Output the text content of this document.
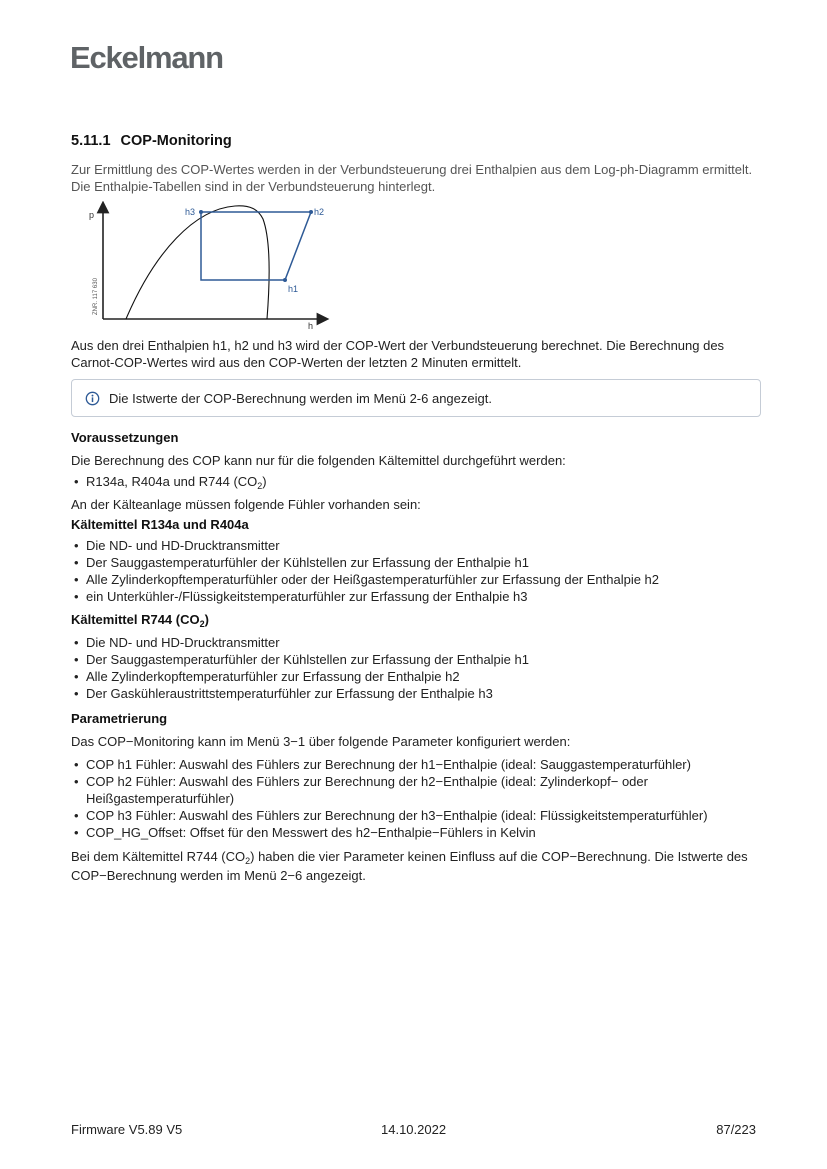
Eckelmann
5.11.1 COP-Monitoring

Zur Ermittlung des COP-Wertes werden in der Verbundsteuerung drei Enthalpien aus dem Log-ph-Diagramm ermittelt. Die Enthalpie-Tabellen sind in der Verbundsteuerung hinterlegt.

p
h
ZNR. 117 630
h3	h2
h1

Aus den drei Enthalpien h1, h2 und h3 wird der COP-Wert der Verbundsteuerung berechnet. Die Berechnung des Carnot-COP-Wertes wird aus den COP-Werten der letzten 2 Minuten ermittelt.

Die Istwerte der COP-Berechnung werden im Menü 2-6 angezeigt.
Voraussetzungen

Die Berechnung des COP kann nur für die folgenden Kältemittel durchgeführt werden:

• R134a, R404a und R744 $(CO_2)$

An der Kälteanlage müssen folgende Fühler vorhanden sein:

Kältemittel R134a und R404a
• Die ND- und HD-Drucktransmitter
• Der Sauggastemperaturfühler der Kühlstellen zur Erfassung der Enthalpie h1
• Alle Zylinderkopftemperaturfühler oder der Heißgastemperaturfühler zur Erfassung der Enthalpie h2
• ein Unterkühler-/Flüssigkeitstemperaturfühler zur Erfassung der Enthalpie h3
Kältemittel R744 $(CO_2)$
• Die ND- und HD-Drucktransmitter
• Der Sauggastemperaturfühler der Kühlstellen zur Erfassung der Enthalpie h1
• Alle Zylinderkopftemperaturfühler zur Erfassung der Enthalpie h2
• Der Gaskühleraustrittstemperaturfühler zur Erfassung der Enthalpie h3
Parametrierung

Das COP−Monitoring kann im Menü 3−1 über folgende Parameter konfiguriert werden:

• COP h1 Fühler: Auswahl des Fühlers zur Berechnung der h1−Enthalpie (ideal: Sauggastemperaturfühler)
• COP h2 Fühler: Auswahl des Fühlers zur Berechnung der h2−Enthalpie (ideal: Zylinderkopf− oder Heißgastemperaturfühler)
• COP h3 Fühler: Auswahl des Fühlers zur Berechnung der h3−Enthalpie (ideal: Flüssigkeitstemperaturfühler)
• COP_HG_Offset: Offset für den Messwert des h2−Enthalpie−Fühlers in Kelvin

Bei dem Kältemittel R744 $(CO_2)$ haben die vier Parameter keinen Einfluss auf die COP−Berechnung. Die Istwerte des COP−Berechnung werden im Menü 2−6 angezeigt.

Firmware V5.89 V5	14.10.2022	87/223
